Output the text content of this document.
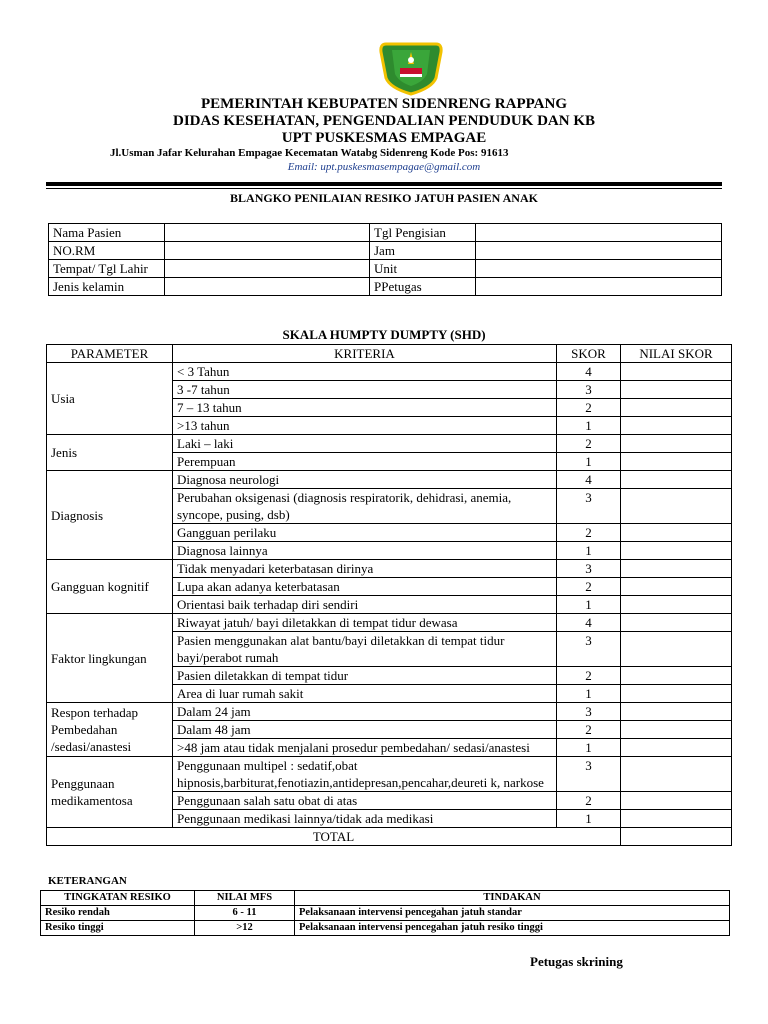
PEMERINTAH KEBUPATEN SIDENRENG RAPPANG
DIDAS KESEHATAN, PENGENDALIAN PENDUDUK DAN KB
UPT PUSKESMAS EMPAGAE
Jl.Usman Jafar Kelurahan Empagae Kecematan Watabg Sidenreng Kode Pos: 91613
Email: upt.puskesmasempagae@gmail.com
BLANGKO PENILAIAN RESIKO JATUH PASIEN ANAK
Nama Pasien		Tgl Pengisian	
NO.RM		Jam	
Tempat/ Tgl Lahir		Unit	
Jenis kelamin		PPetugas	
SKALA HUMPTY DUMPTY (SHD)
PARAMETER	KRITERIA	SKOR	NILAI SKOR
Usia	< 3 Tahun	4	
	3 -7 tahun	3	
	7 – 13 tahun	2	
	>13 tahun	1	
Jenis	Laki – laki	2	
	Perempuan	1	
Diagnosis	Diagnosa neurologi	4	
	Perubahan oksigenasi (diagnosis respiratorik, dehidrasi, anemia, syncope, pusing, dsb)	3	
	Gangguan perilaku	2	
	Diagnosa lainnya	1	
Gangguan kognitif	Tidak menyadari keterbatasan dirinya	3	
	Lupa akan adanya keterbatasan	2	
	Orientasi baik terhadap diri sendiri	1	
Faktor lingkungan	Riwayat jatuh/ bayi diletakkan di tempat tidur dewasa	4	
	Pasien menggunakan alat bantu/bayi diletakkan di tempat tidur bayi/perabot rumah	3	
	Pasien diletakkan di tempat tidur	2	
	Area di luar rumah sakit	1	
Respon terhadap Pembedahan /sedasi/anastesi	Dalam 24 jam	3	
	Dalam 48 jam	2	
	>48 jam atau tidak menjalani prosedur pembedahan/ sedasi/anastesi	1	
Penggunaan medikamentosa	Penggunaan multipel : sedatif,obat hipnosis,barbiturat,fenotiazin,antidepresan,pencahar,deureti k, narkose	3	
	Penggunaan salah satu obat di atas	2	
	Penggunaan medikasi lainnya/tidak ada medikasi	1	
TOTAL			
KETERANGAN
TINGKATAN RESIKO	NILAI MFS	TINDAKAN
Resiko rendah	6 - 11	Pelaksanaan intervensi pencegahan jatuh standar
Resiko tinggi	>12	Pelaksanaan intervensi pencegahan jatuh resiko tinggi
Petugas skrining
